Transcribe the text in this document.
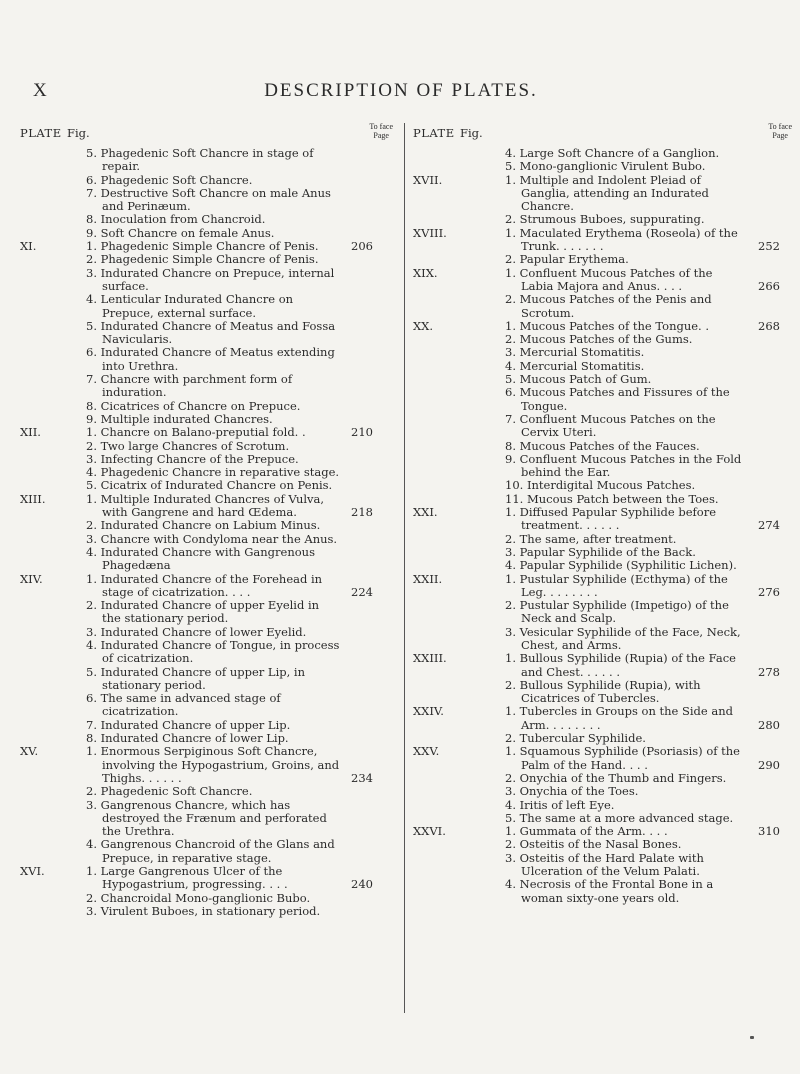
X	DESCRIPTION OF PLATES.
PLATE Fig.	To face
Page
5. Phagedenic Soft Chancre in stage of repair.
6. Phagedenic Soft Chancre.
7. Destructive Soft Chancre on male Anus and Perinæum.
8. Inoculation from Chancroid.
9. Soft Chancre on female Anus.
XI.	1. Phagedenic Simple Chancre of Penis.	206
2. Phagedenic Simple Chancre of Penis.
3. Indurated Chancre on Prepuce, internal surface.
4. Lenticular Indurated Chancre on Prepuce, external surface.
5. Indurated Chancre of Meatus and Fossa Navicularis.
6. Indurated Chancre of Meatus extending into Urethra.
7. Chancre with parchment form of induration.
8. Cicatrices of Chancre on Prepuce.
9. Multiple indurated Chancres.
XII.	1. Chancre on Balano-preputial fold. .	210
2. Two large Chancres of Scrotum.
3. Infecting Chancre of the Prepuce.
4. Phagedenic Chancre in reparative stage.
5. Cicatrix of Indurated Chancre on Penis.
XIII.	1. Multiple Indurated Chancres of Vulva, with Gangrene and hard Œdema.	218
2. Indurated Chancre on Labium Minus.
3. Chancre with Condyloma near the Anus.
4. Indurated Chancre with Gangrenous Phagedæna
XIV.	1. Indurated Chancre of the Forehead in stage of cicatrization. . . .	224
2. Indurated Chancre of upper Eyelid in the stationary period.
3. Indurated Chancre of lower Eyelid.
4. Indurated Chancre of Tongue, in process of cicatrization.
5. Indurated Chancre of upper Lip, in stationary period.
6. The same in advanced stage of cicatrization.
7. Indurated Chancre of upper Lip.
8. Indurated Chancre of lower Lip.
XV.	1. Enormous Serpiginous Soft Chancre, involving the Hypogastrium, Groins, and Thighs. . . . . .	234
2. Phagedenic Soft Chancre.
3. Gangrenous Chancre, which has destroyed the Frænum and perforated the Urethra.
4. Gangrenous Chancroid of the Glans and Prepuce, in reparative stage.
XVI.	1. Large Gangrenous Ulcer of the Hypogastrium, progressing. . . .	240
2. Chancroidal Mono-ganglionic Bubo.
3. Virulent Buboes, in stationary period.
PLATE Fig.	To face
Page
4. Large Soft Chancre of a Ganglion.
5. Mono-ganglionic Virulent Bubo.
XVII.	1. Multiple and Indolent Pleiad of Ganglia, attending an Indurated Chancre.
2. Strumous Buboes, suppurating.
XVIII.	1. Maculated Erythema (Roseola) of the Trunk. . . . . . .	252
2. Papular Erythema.
XIX.	1. Confluent Mucous Patches of the Labia Majora and Anus. . . .	266
2. Mucous Patches of the Penis and Scrotum.
XX.	1. Mucous Patches of the Tongue. .	268
2. Mucous Patches of the Gums.
3. Mercurial Stomatitis.
4. Mercurial Stomatitis.
5. Mucous Patch of Gum.
6. Mucous Patches and Fissures of the Tongue.
7. Confluent Mucous Patches on the Cervix Uteri.
8. Mucous Patches of the Fauces.
9. Confluent Mucous Patches in the Fold behind the Ear.
10. Interdigital Mucous Patches.
11. Mucous Patch between the Toes.
XXI.	1. Diffused Papular Syphilide before treatment. . . . . .	274
2. The same, after treatment.
3. Papular Syphilide of the Back.
4. Papular Syphilide (Syphilitic Lichen).
XXII.	1. Pustular Syphilide (Ecthyma) of the Leg. . . . . . . .	276
2. Pustular Syphilide (Impetigo) of the Neck and Scalp.
3. Vesicular Syphilide of the Face, Neck, Chest, and Arms.
XXIII.	1. Bullous Syphilide (Rupia) of the Face and Chest. . . . . .	278
2. Bullous Syphilide (Rupia), with Cicatrices of Tubercles.
XXIV.	1. Tubercles in Groups on the Side and Arm. . . . . . . .	280
2. Tubercular Syphilide.
XXV.	1. Squamous Syphilide (Psoriasis) of the Palm of the Hand. . . .	290
2. Onychia of the Thumb and Fingers.
3. Onychia of the Toes.
4. Iritis of left Eye.
5. The same at a more advanced stage.
XXVI.	1. Gummata of the Arm. . . .	310
2. Osteitis of the Nasal Bones.
3. Osteitis of the Hard Palate with Ulceration of the Velum Palati.
4. Necrosis of the Frontal Bone in a woman sixty-one years old.
